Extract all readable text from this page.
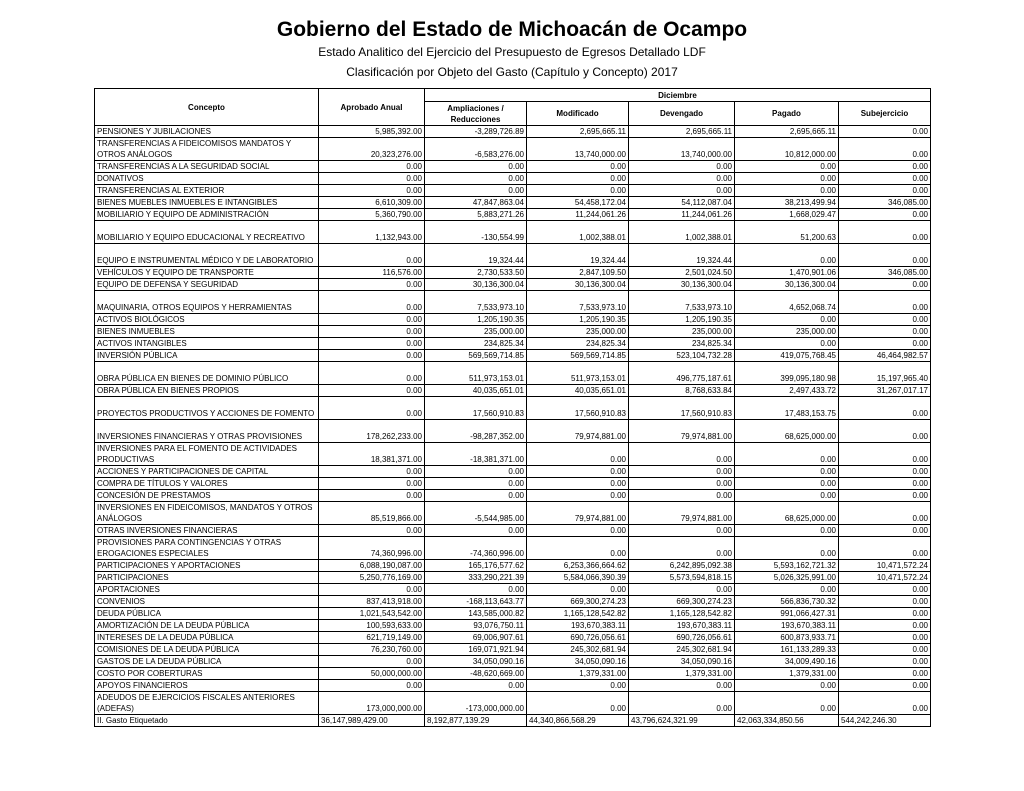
Gobierno del Estado de Michoacán de Ocampo
Estado Analitico del Ejercicio del Presupuesto de Egresos Detallado LDF
Clasificación por Objeto del Gasto (Capítulo y Concepto) 2017
Concepto	Aprobado Anual	Diciembre				
		Ampliaciones / Reducciones	Modificado	Devengado	Pagado	Subejercicio
PENSIONES Y JUBILACIONES	5,985,392.00	-3,289,726.89	2,695,665.11	2,695,665.11	2,695,665.11	0.00
TRANSFERENCIAS A FIDEICOMISOS MANDATOS Y OTROS ANÁLOGOS	20,323,276.00	-6,583,276.00	13,740,000.00	13,740,000.00	10,812,000.00	0.00
TRANSFERENCIAS A LA SEGURIDAD SOCIAL	0.00	0.00	0.00	0.00	0.00	0.00
DONATIVOS	0.00	0.00	0.00	0.00	0.00	0.00
TRANSFERENCIAS AL EXTERIOR	0.00	0.00	0.00	0.00	0.00	0.00
BIENES MUEBLES INMUEBLES E INTANGIBLES	6,610,309.00	47,847,863.04	54,458,172.04	54,112,087.04	38,213,499.94	346,085.00
MOBILIARIO Y EQUIPO DE ADMINISTRACIÓN	5,360,790.00	5,883,271.26	11,244,061.26	11,244,061.26	1,668,029.47	0.00
MOBILIARIO Y EQUIPO EDUCACIONAL Y RECREATIVO	1,132,943.00	-130,554.99	1,002,388.01	1,002,388.01	51,200.63	0.00
EQUIPO E INSTRUMENTAL MÉDICO Y DE LABORATORIO	0.00	19,324.44	19,324.44	19,324.44	0.00	0.00
VEHÍCULOS Y EQUIPO DE TRANSPORTE	116,576.00	2,730,533.50	2,847,109.50	2,501,024.50	1,470,901.06	346,085.00
EQUIPO DE DEFENSA Y SEGURIDAD	0.00	30,136,300.04	30,136,300.04	30,136,300.04	30,136,300.04	0.00
MAQUINARIA, OTROS EQUIPOS Y HERRAMIENTAS	0.00	7,533,973.10	7,533,973.10	7,533,973.10	4,652,068.74	0.00
ACTIVOS BIOLÓGICOS	0.00	1,205,190.35	1,205,190.35	1,205,190.35	0.00	0.00
BIENES INMUEBLES	0.00	235,000.00	235,000.00	235,000.00	235,000.00	0.00
ACTIVOS INTANGIBLES	0.00	234,825.34	234,825.34	234,825.34	0.00	0.00
INVERSIÓN PÚBLICA	0.00	569,569,714.85	569,569,714.85	523,104,732.28	419,075,768.45	46,464,982.57
OBRA PÚBLICA EN BIENES DE DOMINIO PÚBLICO	0.00	511,973,153.01	511,973,153.01	496,775,187.61	399,095,180.98	15,197,965.40
OBRA PÚBLICA EN BIENES PROPIOS	0.00	40,035,651.01	40,035,651.01	8,768,633.84	2,497,433.72	31,267,017.17
PROYECTOS PRODUCTIVOS Y ACCIONES DE FOMENTO	0.00	17,560,910.83	17,560,910.83	17,560,910.83	17,483,153.75	0.00
INVERSIONES FINANCIERAS Y OTRAS PROVISIONES	178,262,233.00	-98,287,352.00	79,974,881.00	79,974,881.00	68,625,000.00	0.00
INVERSIONES PARA EL FOMENTO DE ACTIVIDADES PRODUCTIVAS	18,381,371.00	-18,381,371.00	0.00	0.00	0.00	0.00
ACCIONES Y PARTICIPACIONES DE CAPITAL	0.00	0.00	0.00	0.00	0.00	0.00
COMPRA DE TÍTULOS Y VALORES	0.00	0.00	0.00	0.00	0.00	0.00
CONCESIÓN DE PRESTAMOS	0.00	0.00	0.00	0.00	0.00	0.00
INVERSIONES EN FIDEICOMISOS, MANDATOS Y OTROS ANÁLOGOS	85,519,866.00	-5,544,985.00	79,974,881.00	79,974,881.00	68,625,000.00	0.00
OTRAS INVERSIONES FINANCIERAS	0.00	0.00	0.00	0.00	0.00	0.00
PROVISIONES PARA CONTINGENCIAS Y OTRAS EROGACIONES ESPECIALES	74,360,996.00	-74,360,996.00	0.00	0.00	0.00	0.00
PARTICIPACIONES Y APORTACIONES	6,088,190,087.00	165,176,577.62	6,253,366,664.62	6,242,895,092.38	5,593,162,721.32	10,471,572.24
PARTICIPACIONES	5,250,776,169.00	333,290,221.39	5,584,066,390.39	5,573,594,818.15	5,026,325,991.00	10,471,572.24
APORTACIONES	0.00	0.00	0.00	0.00	0.00	0.00
CONVENIOS	837,413,918.00	-168,113,643.77	669,300,274.23	669,300,274.23	566,836,730.32	0.00
DEUDA PÚBLICA	1,021,543,542.00	143,585,000.82	1,165,128,542.82	1,165,128,542.82	991,066,427.31	0.00
AMORTIZACIÓN DE LA DEUDA PÚBLICA	100,593,633.00	93,076,750.11	193,670,383.11	193,670,383.11	193,670,383.11	0.00
INTERESES DE LA DEUDA PÚBLICA	621,719,149.00	69,006,907.61	690,726,056.61	690,726,056.61	600,873,933.71	0.00
COMISIONES DE LA DEUDA PÚBLICA	76,230,760.00	169,071,921.94	245,302,681.94	245,302,681.94	161,133,289.33	0.00
GASTOS DE LA DEUDA PÚBLICA	0.00	34,050,090.16	34,050,090.16	34,050,090.16	34,009,490.16	0.00
COSTO POR COBERTURAS	50,000,000.00	-48,620,669.00	1,379,331.00	1,379,331.00	1,379,331.00	0.00
APOYOS FINANCIEROS	0.00	0.00	0.00	0.00	0.00	0.00
ADEUDOS DE EJERCICIOS FISCALES ANTERIORES (ADEFAS)	173,000,000.00	-173,000,000.00	0.00	0.00	0.00	0.00
II. Gasto Etiquetado	36,147,989,429.00	8,192,877,139.29	44,340,866,568.29	43,796,624,321.99	42,063,334,850.56	544,242,246.30
